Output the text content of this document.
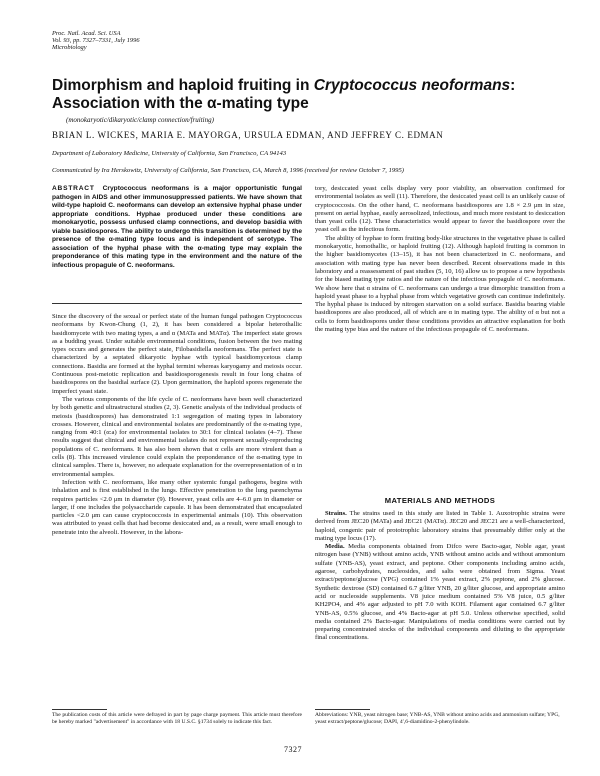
Proc. Natl. Acad. Sci. USA
Vol. 93, pp. 7327–7331, July 1996
Microbiology
Dimorphism and haploid fruiting in Cryptococcus neoformans: Association with the α-mating type
(monokaryotic/dikaryotic/clamp connection/fruiting)
BRIAN L. WICKES, MARIA E. MAYORGA, URSULA EDMAN, AND JEFFREY C. EDMAN
Department of Laboratory Medicine, University of California, San Francisco, CA 94143
Communicated by Ira Herskowitz, University of California, San Francisco, CA, March 8, 1996 (received for review October 7, 1995)
ABSTRACT Cryptococcus neoformans is a major opportunistic fungal pathogen in AIDS and other immunosuppressed patients. We have shown that wild-type haploid C. neoformans can develop an extensive hyphal phase under appropriate conditions. Hyphae produced under these conditions are monokaryotic, possess unfused clamp connections, and develop basidia with viable basidiospores. The ability to undergo this transition is determined by the presence of the α-mating type locus and is independent of serotype. The association of the hyphal phase with the α-mating type may explain the preponderance of this mating type in the environment and the nature of the infectious propagule of C. neoformans.

Since the discovery of the sexual or perfect state of the human fungal pathogen Cryptococcus neoformans by Kwon-Chung (1, 2), it has been considered a bipolar heterothallic basidiomycete with two mating types, a and α (MATa and MATα). The imperfect state grows as a budding yeast. Under suitable environmental conditions, fusion between the two mating types occurs and generates the perfect state, Filobasidiella neoformans. The perfect state is characterized by a septated dikaryotic hyphae with typical basidiomycetous clamp connections. Basidia are formed at the hyphal termini whereas karyogamy and meiosis occur. Continuous post-meiotic replication and basidiosporogenesis result in four long chains of basidiospores on the basidial surface (2). Upon germination, the haploid spores regenerate the imperfect yeast state.

The various components of the life cycle of C. neoformans have been well characterized by both genetic and ultrastructural studies (2, 3). Genetic analysis of the individual products of meiosis (basidiospores) has demonstrated 1:1 segregation of mating types in laboratory crosses. However, clinical and environmental isolates are predominantly of the α-mating type, ranging from 40:1 (α:a) for environmental isolates to 30:1 for clinical isolates (4–7). These results suggest that clinical and environmental isolates do not represent sexually-reproducing populations of C. neoformans. It has also been shown that α cells are more virulent than a cells (8). This increased virulence could explain the preponderance of the α-mating type in clinical samples. There is, however, no adequate explanation for the overrepresentation of α in environmental samples.

Infection with C. neoformans, like many other systemic fungal pathogens, begins with inhalation and is first established in the lungs. Effective penetration to the lung parenchyma requires particles <2.0 μm in diameter (9). However, yeast cells are 4–6.0 μm in diameter or larger, if one includes the polysaccharide capsule. It has been demonstrated that encapsulated particles <2.0 μm can cause cryptococcosis in experimental animals (10). This observation was attributed to yeast cells that had become desiccated and, as a result, were small enough to penetrate into the alveoli. However, in the labora-

tory, desiccated yeast cells display very poor viability, an observation confirmed for environmental isolates as well (11). Therefore, the desiccated yeast cell is an unlikely cause of cryptococcosis. On the other hand, C. neoformans basidiospores are 1.8 × 2.9 μm in size, present on aerial hyphae, easily aerosolized, infectious, and much more resistant to desiccation than yeast cells (12). These characteristics would appear to favor the basidiospore over the yeast cell as the infectious form.

The ability of hyphae to form fruiting body-like structures in the vegetative phase is called monokaryotic, homothallic, or haploid fruiting (12). Although haploid fruiting is common in the higher basidiomycetes (13–15), it has not been characterized in C. neoformans, and association with mating type has never been described. Recent observations made in this laboratory and a reassessment of past studies (5, 10, 16) allow us to propose a new hypothesis for the biased mating type ratios and the nature of the infectious propagule of C. neoformans. We show here that α strains of C. neoformans can undergo a true dimorphic transition from a haploid yeast phase to a hyphal phase from which vegetative growth can continue indefinitely. The hyphal phase is induced by nitrogen starvation on a solid surface. Basidia bearing viable basidiospores are also produced, all of which are α in mating type. The ability of α but not a cells to form basidiospores under these conditions provides an attractive explanation for both the mating type bias and the nature of the infectious propagule of C. neoformans.

MATERIALS AND METHODS

Strains. The strains used in this study are listed in Table 1. Auxotrophic strains were derived from JEC20 (MATa) and JEC21 (MATα). JEC20 and JEC21 are a well-characterized, haploid, congenic pair of prototrophic laboratory strains that presumably differ only at the mating type locus (17).

Media. Media components obtained from Difco were Bacto-agar, Noble agar, yeast nitrogen base (YNB) without amino acids, YNB without amino acids and without ammonium sulfate (YNB-AS), yeast extract, and peptone. Other components including amino acids, agarose, carbohydrates, nucleosides, and salts were obtained from Sigma. Yeast extract/peptone/glucose (YPG) contained 1% yeast extract, 2% peptone, and 2% glucose. Synthetic dextrose (SD) contained 6.7 g/liter YNB, 20 g/liter glucose, and appropriate amino acid or nucleoside supplements. V8 juice medium contained 5% V8 juice, 0.5 g/liter KH2PO4, and 4% agar adjusted to pH 7.0 with KOH. Filament agar contained 6.7 g/liter YNB-AS, 0.5% glucose, and 4% Bacto-agar at pH 5.0. Unless otherwise specified, solid media contained 2% Bacto-agar. Manipulations of media conditions were carried out by preparing concentrated stocks of the individual components and diluting to the appropriate final concentrations.

The publication costs of this article were defrayed in part by page charge payment. This article must therefore be hereby marked "advertisement" in accordance with 18 U.S.C. §1734 solely to indicate this fact.
Abbreviations: YNB, yeast nitrogen base; YNB-AS, YNB without amino acids and ammonium sulfate; YPG, yeast extract/peptone/glucose; DAPI, 4′,6-diamidino-2-phenylindole.
7327
